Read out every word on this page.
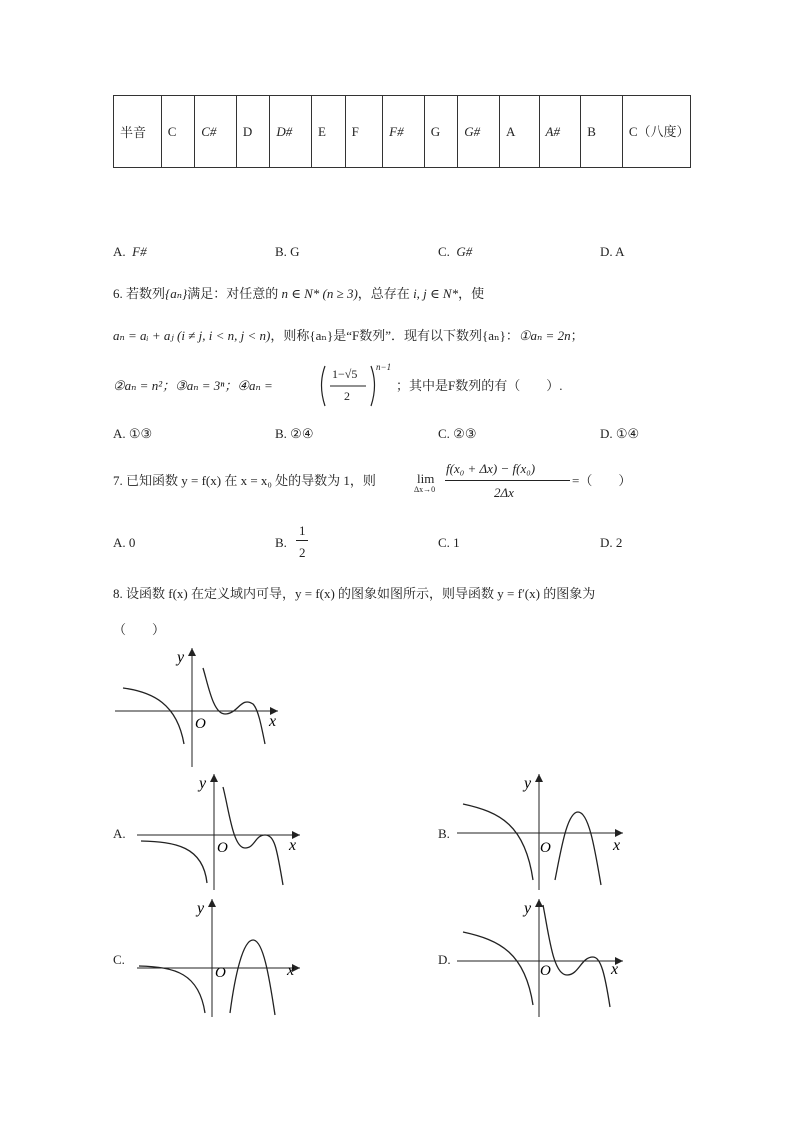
半音	C	C#	D	D#	E	F	F#	G	G#	A	A#	B	C（八度）
A. F#	B. G	C. G#	D. A
6. 若数列{aₙ}满足：对任意的 n ∈ N* (n ≥ 3)，总存在 i, j ∈ N*，使
aₙ = aᵢ + aⱼ (i ≠ j, i < n, j < n)，则称{aₙ}是“F数列”．现有以下数列{aₙ}：①aₙ = 2n；
②aₙ = n²；③aₙ = 3ⁿ；④aₙ =
1−√5
2
n−1
；其中是F数列的有（　　）.
A. ①③	B. ②④	C. ②③	D. ①④
7. 已知函数 y = f(x) 在 x = x₀ 处的导数为 1，则	lim
Δx→0
f(x₀ + Δx) − f(x₀)
2Δx
=（　　）
A. 0	B.
1
2
C. 1	D. 2
8. 设函数 f(x) 在定义域内可导，y = f(x) 的图象如图所示，则导函数 y = f′(x) 的图象为
（　　）
y
x
O
A.
y
x
O
B.
y
x
O
C.
y
x
O
D.
y
x
O
